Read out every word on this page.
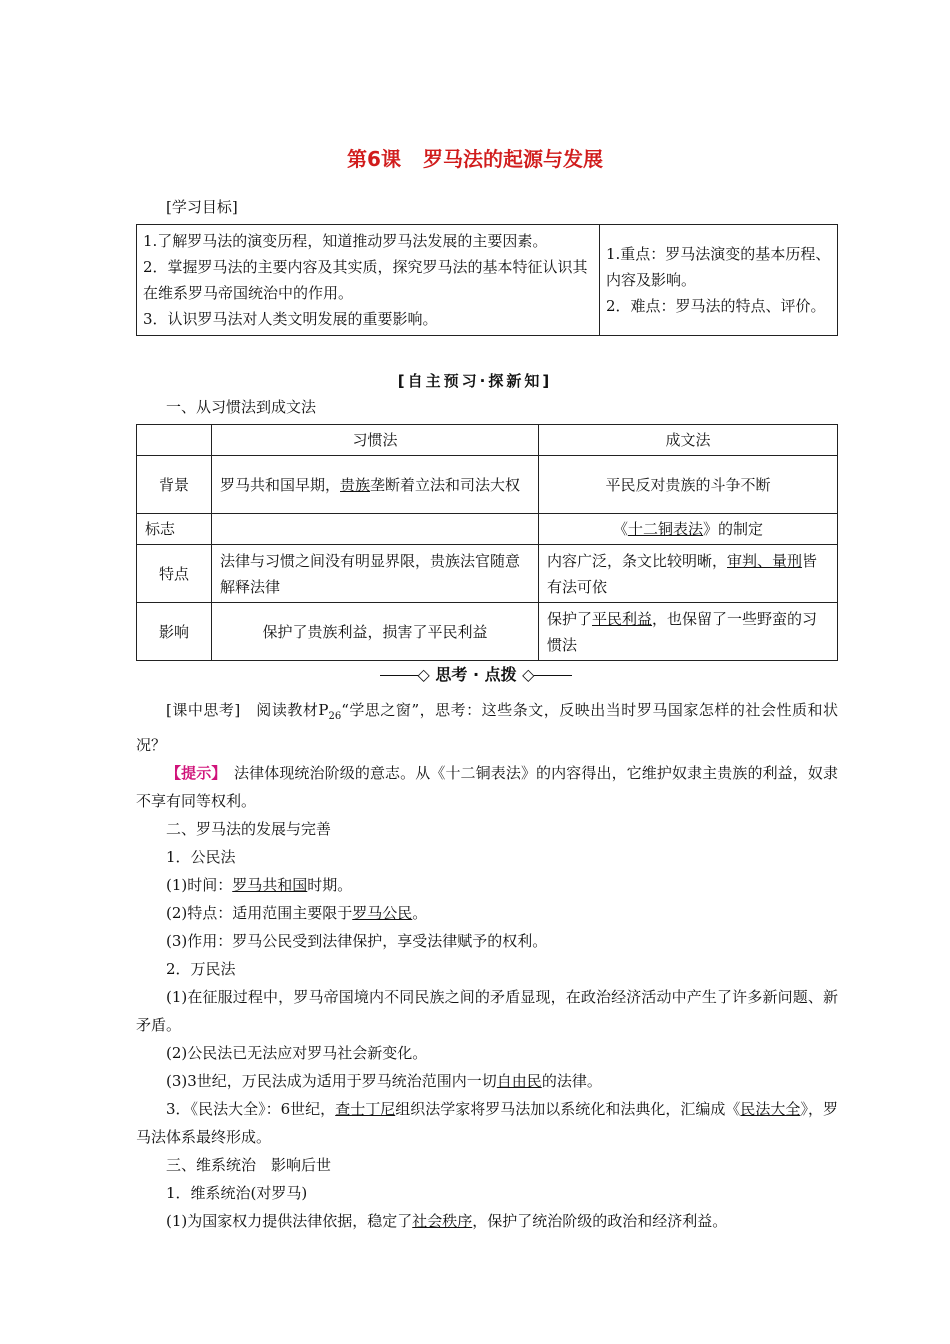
第6课 罗马法的起源与发展
[学习目标]
1.了解罗马法的演变历程，知道推动罗马法发展的主要因素。
2．掌握罗马法的主要内容及其实质，探究罗马法的基本特征认识其在维系罗马帝国统治中的作用。
3．认识罗马法对人类文明发展的重要影响。

1.重点：罗马法演变的基本历程、内容及影响。
2．难点：罗马法的特点、评价。
[自主预习·探新知]
一、从习惯法到成文法
	习惯法	成文法
背景	罗马共和国早期，贵族垄断着立法和司法大权	平民反对贵族的斗争不断
标志		《十二铜表法》的制定
特点	法律与习惯之间没有明显界限，贵族法官随意解释法律	内容广泛，条文比较明晰，审判、量刑皆有法可依
影响	保护了贵族利益，损害了平民利益	保护了平民利益，也保留了一些野蛮的习惯法
◇ 思考 · 点拨 ◇

[课中思考]　阅读教材$P_{26}“$学思之窗”，思考：这些条文，反映出当时罗马国家怎样的社会性质和状况？

【提示】　法律体现统治阶级的意志。从《十二铜表法》的内容得出，它维护奴隶主贵族的利益，奴隶不享有同等权利。

二、罗马法的发展与完善

1．公民法

(1)时间：罗马共和国时期。

(2)特点：适用范围主要限于罗马公民。

(3)作用：罗马公民受到法律保护，享受法律赋予的权利。

2．万民法

(1)在征服过程中，罗马帝国境内不同民族之间的矛盾显现，在政治经济活动中产生了许多新问题、新矛盾。

(2)公民法已无法应对罗马社会新变化。

(3)3世纪，万民法成为适用于罗马统治范围内一切自由民的法律。

3．《民法大全》：6世纪，查士丁尼组织法学家将罗马法加以系统化和法典化，汇编成《民法大全》，罗马法体系最终形成。

三、维系统治　影响后世

1．维系统治(对罗马)

(1)为国家权力提供法律依据，稳定了社会秩序，保护了统治阶级的政治和经济利益。
